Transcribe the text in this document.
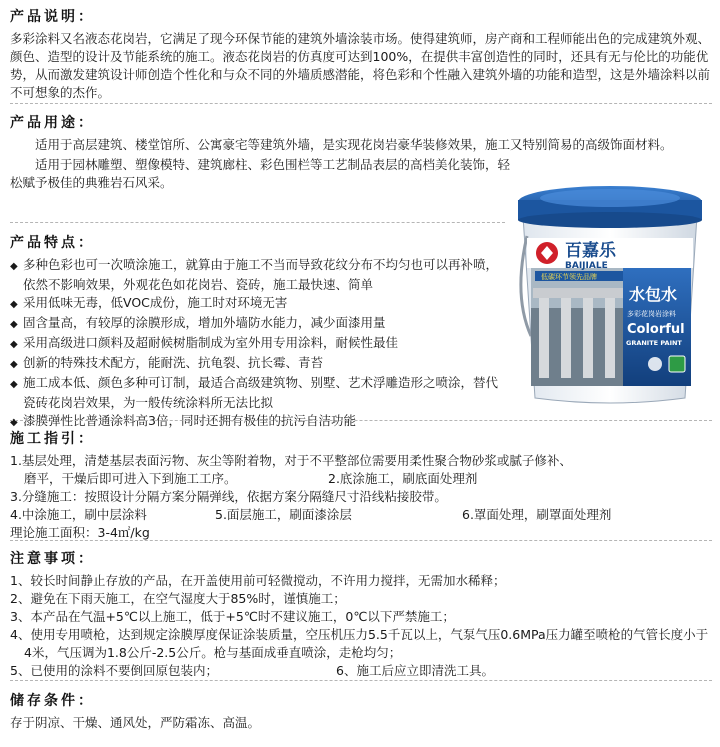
产品说明：

多彩涂料又名液态花岗岩，它满足了现今环保节能的建筑外墙涂装市场。使得建筑师，房产商和工程师能出色的完成建筑外观、颜色、造型的设计及节能系统的施工。液态花岗岩的仿真度可达到100%，在提供丰富创造性的同时，还具有无与伦比的功能优势，从而激发建筑设计师创造个性化和与众不同的外墙质感潜能，将色彩和个性融入建筑外墙的功能和造型，这是外墙涂料以前不可想象的杰作。

产品用途：

适用于高层建筑、楼堂馆所、公寓豪宅等建筑外墙，是实现花岗岩豪华装修效果，施工又特别简易的高级饰面材料。

适用于园林雕塑、塑像模特、建筑廊柱、彩色围栏等工艺制品表层的高档美化装饰，轻松赋予极佳的典雅岩石风采。

产品特点：

◆ 多种色彩也可一次喷涂施工，就算由于施工不当而导致花纹分布不均匀也可以再补喷，依然不影响效果，外观花色如花岗岩、瓷砖，施工最快速、简单

◆ 采用低味无毒，低VOC成份，施工时对环境无害

◆ 固含量高，有较厚的涂膜形成，增加外墙防水能力，减少面漆用量

◆ 采用高级进口颜料及超耐候树脂制成为室外用专用涂料，耐候性最佳

◆ 创新的特殊技术配方，能耐洗、抗龟裂、抗长霉、青苔

◆ 施工成本低、颜色多种可订制，最适合高级建筑物、别墅、艺术浮雕造形之喷涂，替代瓷砖花岗岩效果，为一般传统涂料所无法比拟

◆ 漆膜弹性比普通涂料高3倍，同时还拥有极佳的抗污自洁功能

施工指引：

1.基层处理，清楚基层表面污物、灰尘等附着物，对于不平整部位需要用柔性聚合物砂浆或腻子修补、

磨平，干燥后即可进入下到施工工序。	2.底涂施工，刷底面处理剂

3.分缝施工：按照设计分隔方案分隔弹线，依据方案分隔缝尺寸沿线粘接胶带。

4.中涂施工，刷中层涂料	5.面层施工，刷面漆涂层	6.罩面处理，刷罩面处理剂

理论施工面积：3-4㎡/kg

注意事项：

1、较长时间静止存放的产品，在开盖使用前可轻微搅动，不许用力搅拌，无需加水稀释；

2、避免在下雨天施工，在空气湿度大于85%时，谨慎施工；

3、本产品在气温+5℃以上施工，低于+5℃时不建议施工，0℃以下严禁施工；

4、使用专用喷枪，达到规定涂膜厚度保证涂装质量，空压机压力5.5千瓦以上，气泵气压0.6MPa压力罐至喷枪的气管长度小于4米，气压调为1.8公斤-2.5公斤。枪与基面成垂直喷涂，走枪均匀；

5、已使用的涂料不要倒回原包装内；	6、施工后应立即清洗工具。

储存条件：

存于阴凉、干燥、通风处，严防霜冻、高温。

百嘉乐
BAIJIALE
低碳环节领先品牌
水包水
多彩花岗岩涂料
Colorful
GRANITE PAINT
